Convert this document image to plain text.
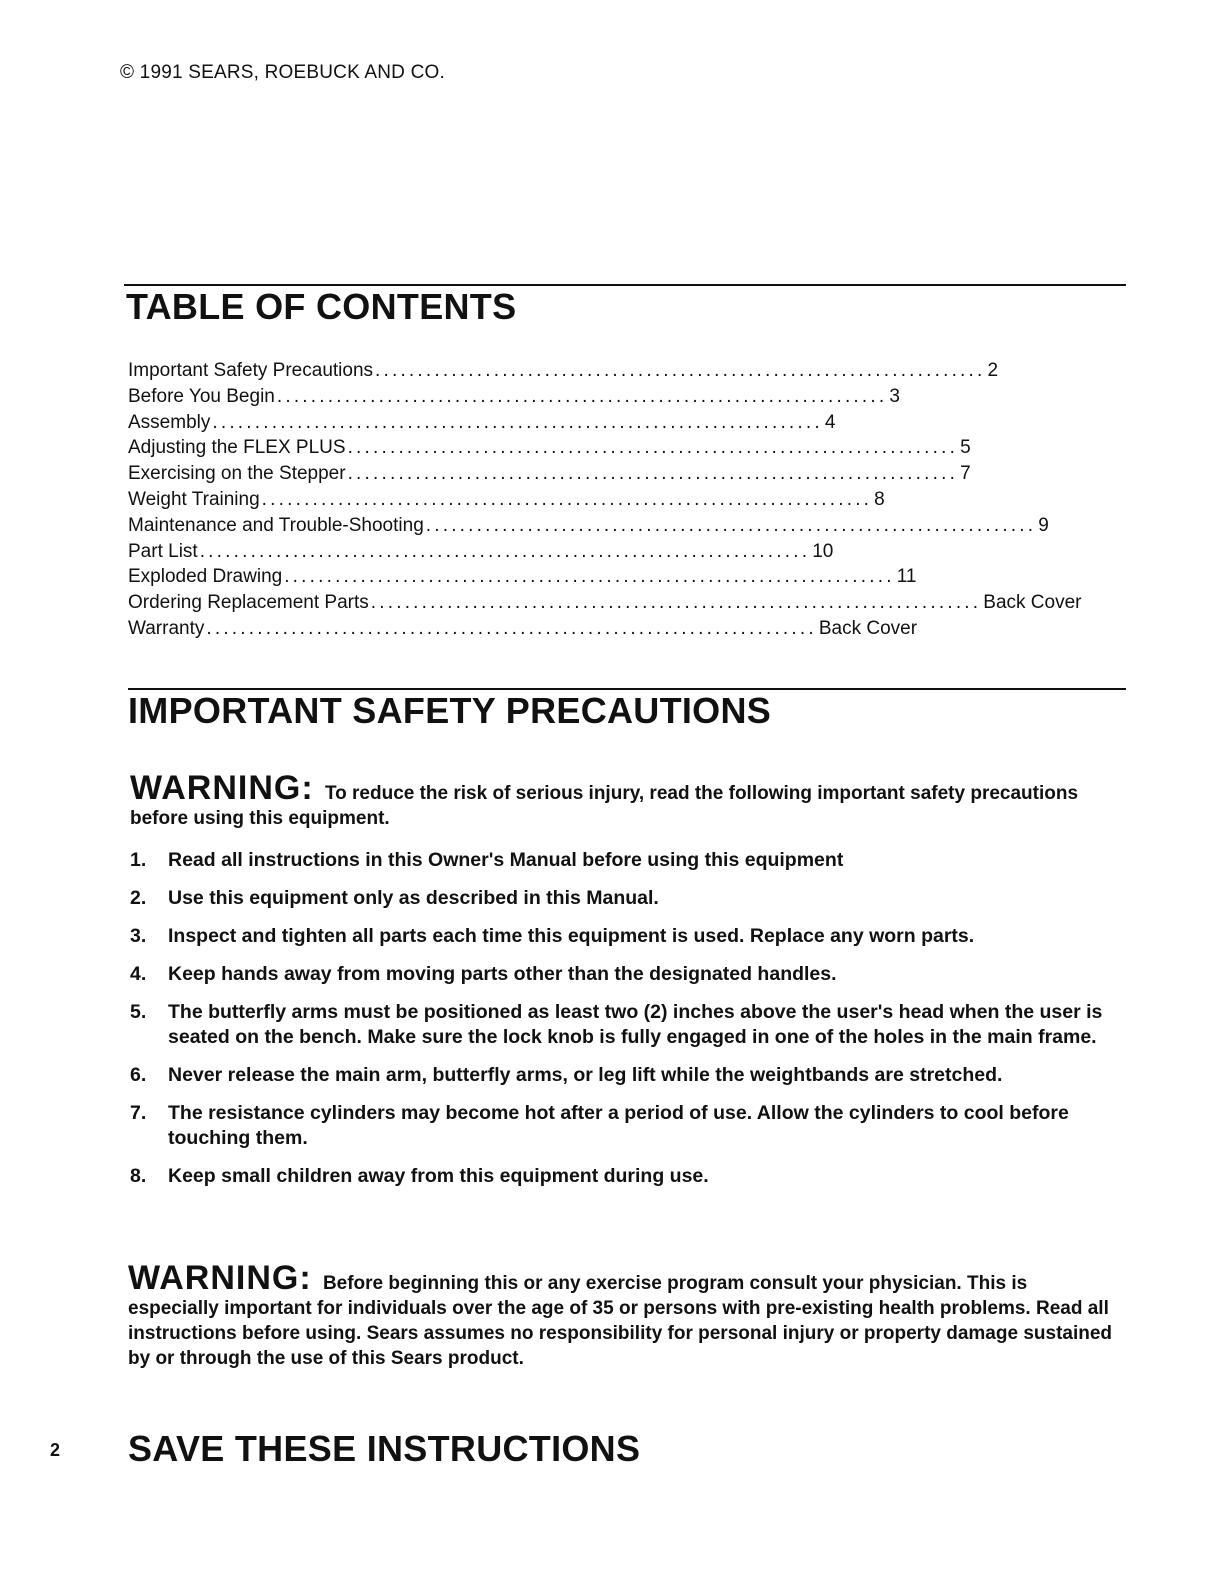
© 1991 SEARS, ROEBUCK AND CO.
TABLE OF CONTENTS
Important Safety Precautions ........................................................................ 2
Before You Begin ........................................................................ 3
Assembly ........................................................................ 4
Adjusting the FLEX PLUS ........................................................................ 5
Exercising on the Stepper ........................................................................ 7
Weight Training ........................................................................ 8
Maintenance and Trouble-Shooting ........................................................................ 9
Part List ........................................................................ 10
Exploded Drawing ........................................................................ 11
Ordering Replacement Parts ........................................................................ Back Cover
Warranty ........................................................................ Back Cover
IMPORTANT SAFETY PRECAUTIONS
WARNING: To reduce the risk of serious injury, read the following important safety precautions before using this equipment.
1.	Read all instructions in this Owner's Manual before using this equipment
2.	Use this equipment only as described in this Manual.
3.	Inspect and tighten all parts each time this equipment is used. Replace any worn parts.
4.	Keep hands away from moving parts other than the designated handles.
5.	The butterfly arms must be positioned as least two (2) inches above the user's head when the user is seated on the bench. Make sure the lock knob is fully engaged in one of the holes in the main frame.
6.	Never release the main arm, butterfly arms, or leg lift while the weightbands are stretched.
7.	The resistance cylinders may become hot after a period of use. Allow the cylinders to cool before touching them.
8.	Keep small children away from this equipment during use.
WARNING: Before beginning this or any exercise program consult your physician. This is especially important for individuals over the age of 35 or persons with pre-existing health problems. Read all instructions before using. Sears assumes no responsibility for personal injury or property damage sustained by or through the use of this Sears product.
2 SAVE THESE INSTRUCTIONS
